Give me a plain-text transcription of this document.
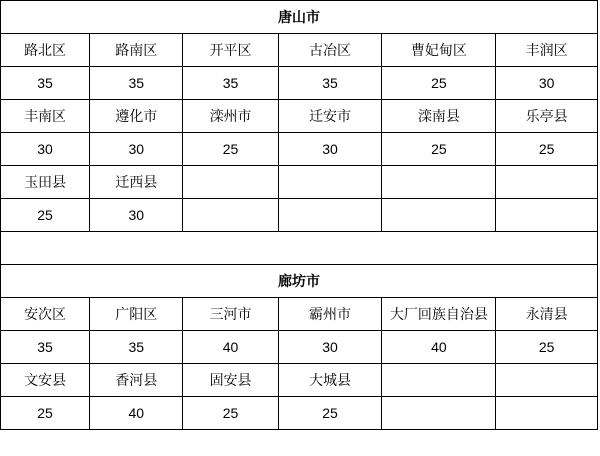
唐山市					
路北区	路南区	开平区	古冶区	曹妃甸区	丰润区
35	35	35	35	25	30
丰南区	遵化市	滦州市	迁安市	滦南县	乐亭县
30	30	25	30	25	25
玉田县	迁西县				
25	30				

廊坊市					
安次区	广阳区	三河市	霸州市	大厂回族自治县	永清县
35	35	40	30	40	25
文安县	香河县	固安县	大城县		
25	40	25	25		
